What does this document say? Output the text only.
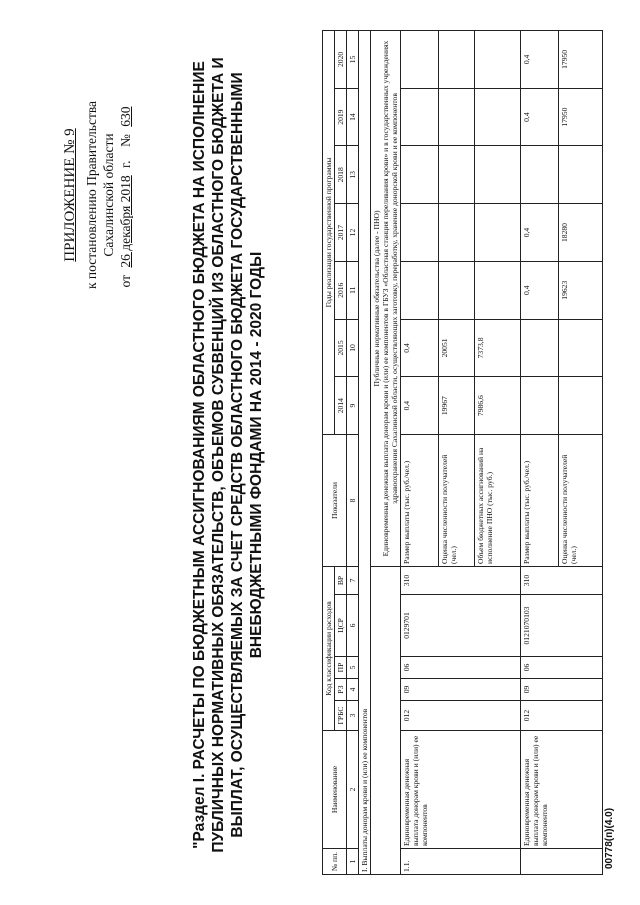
ПРИЛОЖЕНИЕ № 9 к постановлению Правительства Сахалинской области
от 26 декабря 2018 г.    № 630	"Раздел I. РАСЧЕТЫ ПО БЮДЖЕТНЫМ АССИГНОВАНИЯМ ОБЛАСТНОГО БЮДЖЕТА НА ИСПОЛНЕНИЕ ПУБЛИЧНЫХ НОРМАТИВНЫХ ОБЯЗАТЕЛЬСТВ, ОБЪЕМОВ СУБВЕНЦИЙ ИЗ ОБЛАСТНОГО БЮДЖЕТА И ВЫПЛАТ, ОСУЩЕСТВЛЯЕМЫХ ЗА СЧЕТ СРЕДСТВ ОБЛАСТНОГО БЮДЖЕТА ГОСУДАРСТВЕННЫМИ ВНЕБЮДЖЕТНЫМИ ФОНДАМИ НА 2014 - 2020 ГОДЫ
№ пп.	Наименование	Код классификации расходов					Показатели	Годы реализации государственной программы						
		ГРБС	РЗ	ПР	ЦСР	ВР		2014	2015	2016	2017	2018	2019	2020
1	2	3	4	5	6	7	8	9	10	11	12	13	14	15
I. Выплаты донорам крови и (или) ее компонентов														

							Публичные нормативные обязательства (далее - ПНО) Единовременная денежная выплата донорам крови и (или) ее компонентов в ГБУЗ «Областная станция переливания крови» и в государственных учреждениях здравоохранения Сахалинской области, осуществляющих заготовку, переработку, хранение донорской крови и ее компонентов							

1.1.	Единовременная денежная выплата донорам крови и (или) ее компонентов	012	09	06	0129701	310	Размер выплаты (тыс. руб./чел.)	0,4	0,4					
							Оценка численности получателей (чел.)	19967	20051					
							Объем бюджетных ассигнований на исполнение ПНО (тыс. руб.)	7986,6	7373,8					
	Единовременная денежная выплата донорам крови и (или) ее компонентов	012	09	06	0121070103	310	Размер выплаты (тыс. руб./чел.)			0,4	0,4		0,4	0,4
							Оценка численности получателей (чел.)			19623	18280		17950	17950
00778(п)(4.0)
